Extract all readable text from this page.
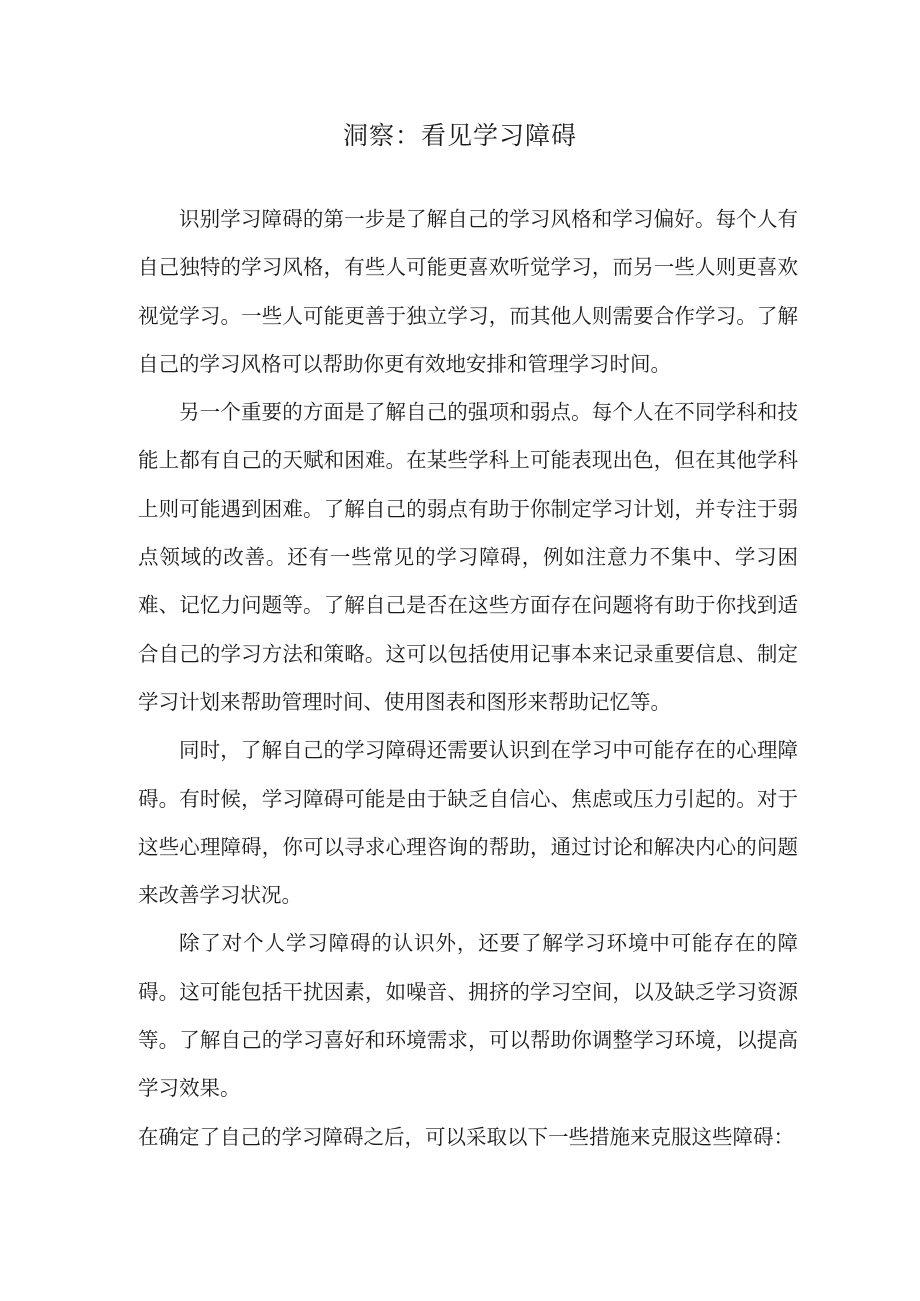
洞察：看见学习障碍

识别学习障碍的第一步是了解自己的学习风格和学习偏好。每个人有自己独特的学习风格，有些人可能更喜欢听觉学习，而另一些人则更喜欢视觉学习。一些人可能更善于独立学习，而其他人则需要合作学习。了解自己的学习风格可以帮助你更有效地安排和管理学习时间。

另一个重要的方面是了解自己的强项和弱点。每个人在不同学科和技能上都有自己的天赋和困难。在某些学科上可能表现出色，但在其他学科上则可能遇到困难。了解自己的弱点有助于你制定学习计划，并专注于弱点领域的改善。还有一些常见的学习障碍，例如注意力不集中、学习困难、记忆力问题等。了解自己是否在这些方面存在问题将有助于你找到适合自己的学习方法和策略。这可以包括使用记事本来记录重要信息、制定学习计划来帮助管理时间、使用图表和图形来帮助记忆等。

同时，了解自己的学习障碍还需要认识到在学习中可能存在的心理障碍。有时候，学习障碍可能是由于缺乏自信心、焦虑或压力引起的。对于这些心理障碍，你可以寻求心理咨询的帮助，通过讨论和解决内心的问题来改善学习状况。

除了对个人学习障碍的认识外，还要了解学习环境中可能存在的障碍。这可能包括干扰因素，如噪音、拥挤的学习空间，以及缺乏学习资源等。了解自己的学习喜好和环境需求，可以帮助你调整学习环境，以提高学习效果。

在确定了自己的学习障碍之后，可以采取以下一些措施来克服这些障碍：
